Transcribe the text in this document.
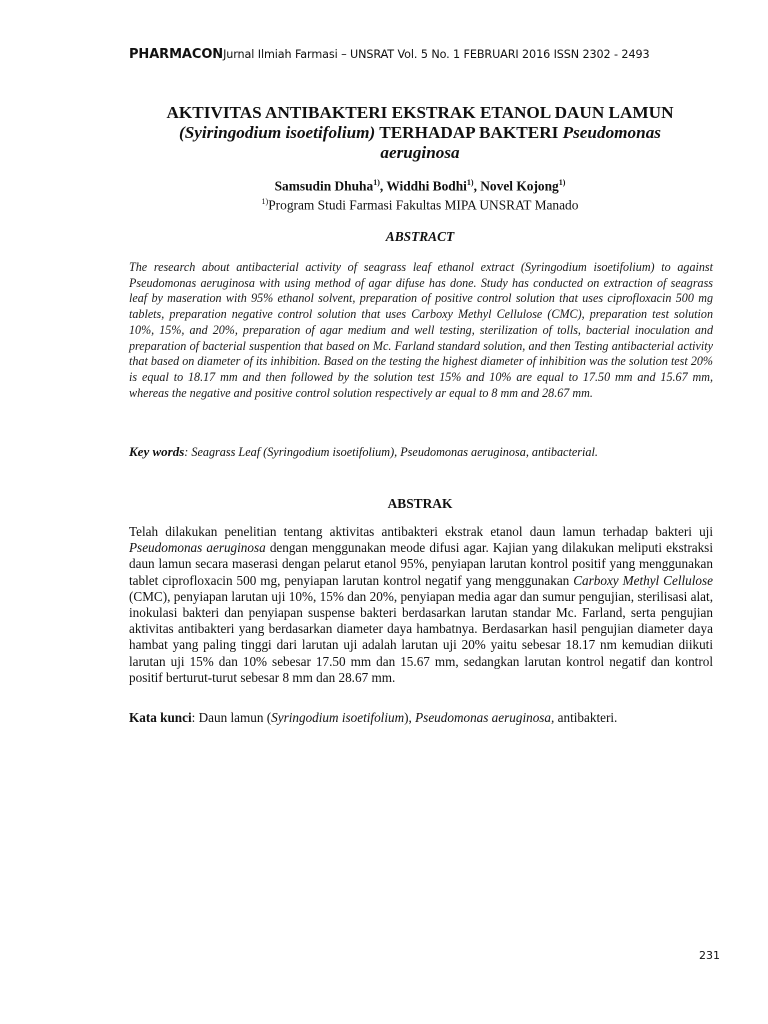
PHARMACONJurnal Ilmiah Farmasi – UNSRAT Vol. 5 No. 1 FEBRUARI 2016 ISSN 2302 - 2493
AKTIVITAS ANTIBAKTERI EKSTRAK ETANOL DAUN LAMUN
(Syiringodium isoetifolium) TERHADAP BAKTERI Pseudomonas
aeruginosa
Samsudin Dhuha$^{1)}$, Widdhi Bodhi$^{1)}$, Novel Kojong$^{1)}$
$^{1)}$Program Studi Farmasi Fakultas MIPA UNSRAT Manado
ABSTRACT
The research about antibacterial activity of seagrass leaf ethanol extract (Syringodium isoetifolium) to against Pseudomonas aeruginosa with using method of agar difuse has done. Study has conducted on extraction of seagrass leaf by maseration with 95% ethanol solvent, preparation of positive control solution that uses ciprofloxacin 500 mg tablets, preparation negative control solution that uses Carboxy Methyl Cellulose (CMC), preparation test solution 10%, 15%, and 20%, preparation of agar medium and well testing, sterilization of tolls, bacterial inoculation and preparation of bacterial suspention that based on Mc. Farland standard solution, and then Testing antibacterial activity that based on diameter of its inhibition. Based on the testing the highest diameter of inhibition was the solution test 20% is equal to 18.17 mm and then followed by the solution test 15% and 10% are equal to 17.50 mm and 15.67 mm, whereas the negative and positive control solution respectively ar equal to 8 mm and 28.67 mm.
Key words: Seagrass Leaf (Syringodium isoetifolium), Pseudomonas aeruginosa, antibacterial.
ABSTRAK
Telah dilakukan penelitian tentang aktivitas antibakteri ekstrak etanol daun lamun terhadap bakteri uji Pseudomonas aeruginosa dengan menggunakan meode difusi agar. Kajian yang dilakukan meliputi ekstraksi daun lamun secara maserasi dengan pelarut etanol 95%, penyiapan larutan kontrol positif yang menggunakan tablet ciprofloxacin 500 mg, penyiapan larutan kontrol negatif yang menggunakan Carboxy Methyl Cellulose (CMC), penyiapan larutan uji 10%, 15% dan 20%, penyiapan media agar dan sumur pengujian, sterilisasi alat, inokulasi bakteri dan penyiapan suspense bakteri berdasarkan larutan standar Mc. Farland, serta pengujian aktivitas antibakteri yang berdasarkan diameter daya hambatnya. Berdasarkan hasil pengujian diameter daya hambat yang paling tinggi dari larutan uji adalah larutan uji 20% yaitu sebesar 18.17 nm kemudian diikuti larutan uji 15% dan 10% sebesar 17.50 mm dan 15.67 mm, sedangkan larutan kontrol negatif dan kontrol positif berturut-turut sebesar 8 mm dan 28.67 mm.
Kata kunci: Daun lamun (Syringodium isoetifolium), Pseudomonas aeruginosa, antibakteri.
231
